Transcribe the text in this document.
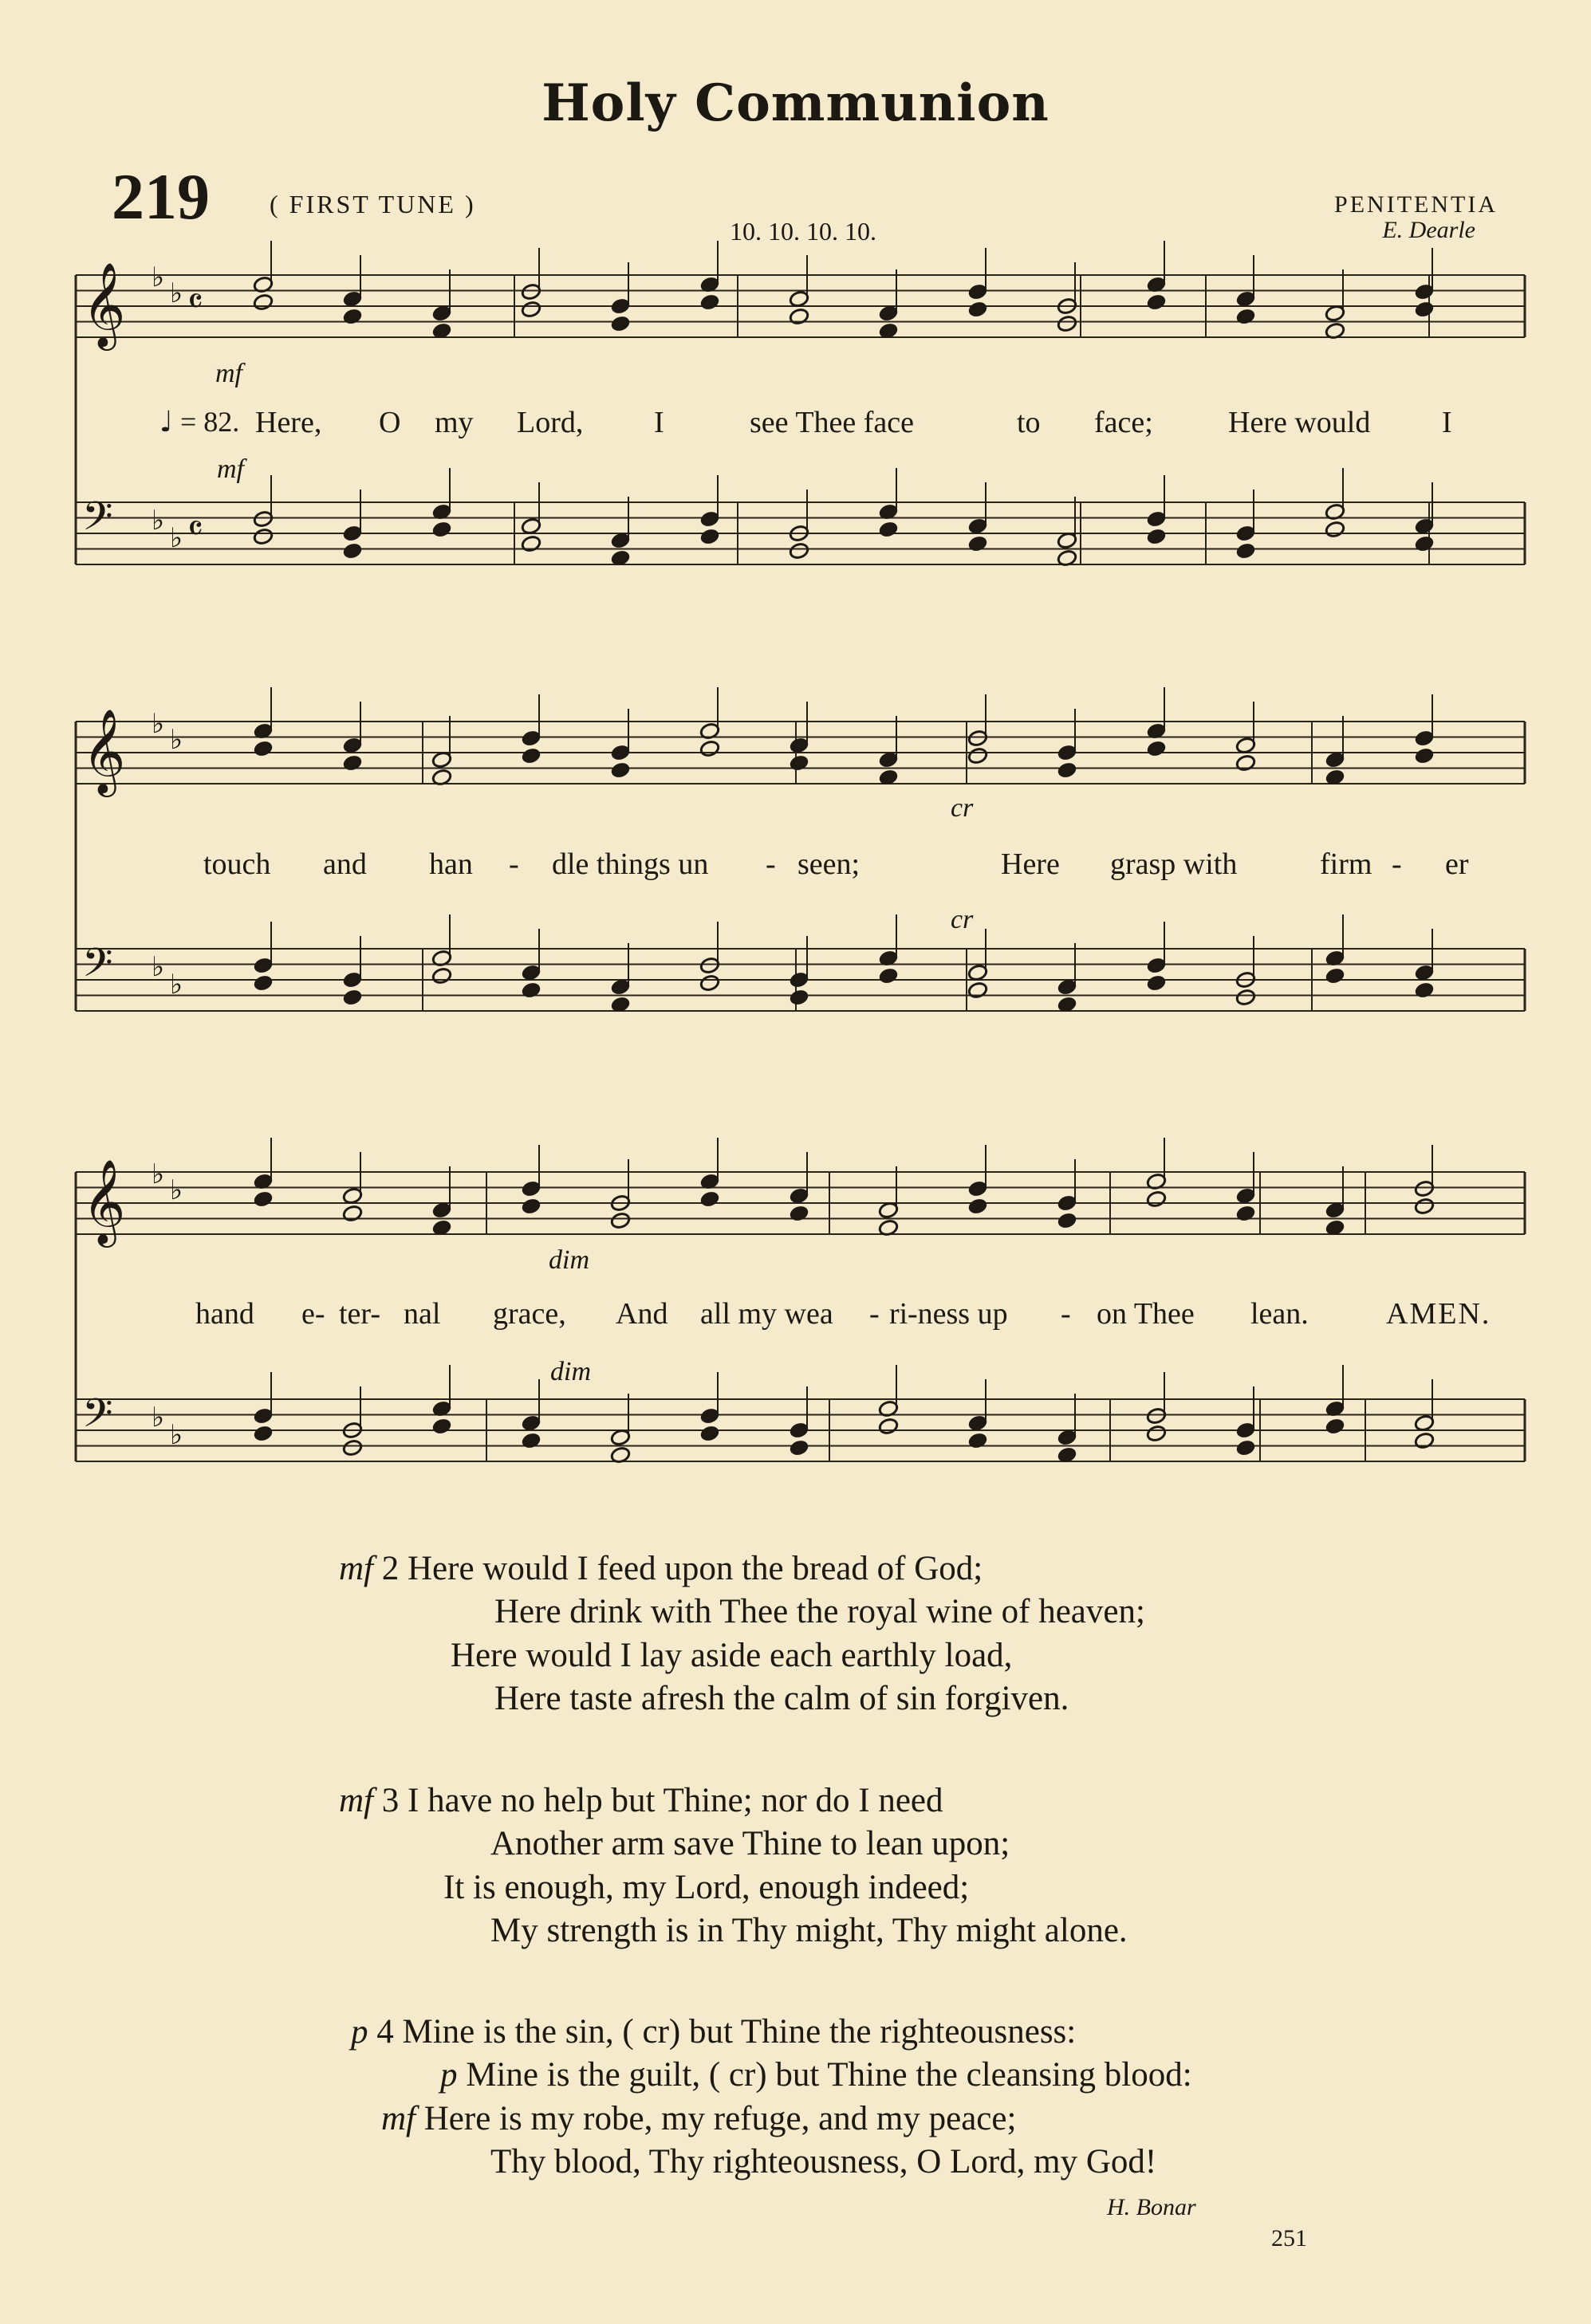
Holy Communion
219 ( FIRST TUNE )
10. 10. 10. 10.
PENITENTIA
E. Dearle
𝄞 ♭ ♭ 𝄴
𝄢 ♭
♭ 𝄴
𝄞 ♭ ♭
𝄢 ♭
♭
𝄞 ♭ ♭
𝄢 ♭
♭
mf
♩ = 82.
mf
Here, O my Lord, I	see Thee face	to face; Here would I
cr
cr
touch and han - dle things un - seen;	Here grasp with	firm - er
dim
dim
hand e- ter- nal grace, And all my wea - ri -ness up - on Thee lean.	AMEN.
mf 2 Here would I feed upon the bread of God;
Here drink with Thee the royal wine of heaven;
Here would I lay aside each earthly load,
Here taste afresh the calm of sin forgiven.
mf 3 I have no help but Thine; nor do I need
Another arm save Thine to lean upon;
It is enough, my Lord, enough indeed;
My strength is in Thy might, Thy might alone.
p 4 Mine is the sin, ( cr) but Thine the righteousness:
p Mine is the guilt, ( cr) but Thine the cleansing blood:
mf Here is my robe, my refuge, and my peace;
Thy blood, Thy righteousness, O Lord, my God!
H. Bonar
251
